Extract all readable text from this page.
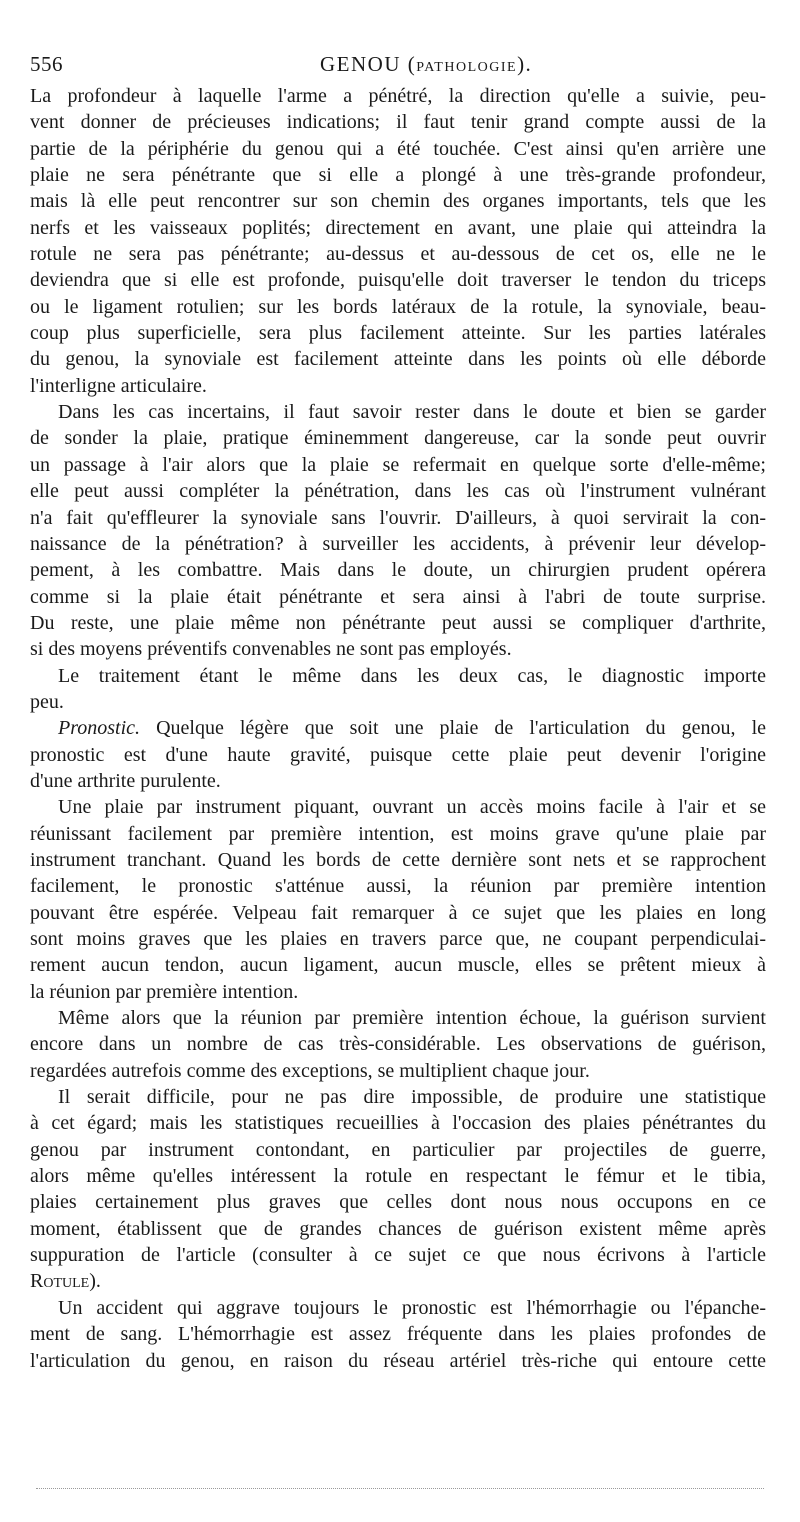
556	GENOU (PATHOLOGIE).
La profondeur à laquelle l'arme a pénétré, la direction qu'elle a suivie, peu-
vent donner de précieuses indications; il faut tenir grand compte aussi de la
partie de la périphérie du genou qui a été touchée. C'est ainsi qu'en arrière une
plaie ne sera pénétrante que si elle a plongé à une très-grande profondeur,
mais là elle peut rencontrer sur son chemin des organes importants, tels que les
nerfs et les vaisseaux poplités; directement en avant, une plaie qui atteindra la
rotule ne sera pas pénétrante; au-dessus et au-dessous de cet os, elle ne le
deviendra que si elle est profonde, puisqu'elle doit traverser le tendon du triceps
ou le ligament rotulien; sur les bords latéraux de la rotule, la synoviale, beau-
coup plus superficielle, sera plus facilement atteinte. Sur les parties latérales
du genou, la synoviale est facilement atteinte dans les points où elle déborde
l'interligne articulaire.
Dans les cas incertains, il faut savoir rester dans le doute et bien se garder
de sonder la plaie, pratique éminemment dangereuse, car la sonde peut ouvrir
un passage à l'air alors que la plaie se refermait en quelque sorte d'elle-même;
elle peut aussi compléter la pénétration, dans les cas où l'instrument vulnérant
n'a fait qu'effleurer la synoviale sans l'ouvrir. D'ailleurs, à quoi servirait la con-
naissance de la pénétration? à surveiller les accidents, à prévenir leur dévelop-
pement, à les combattre. Mais dans le doute, un chirurgien prudent opérera
comme si la plaie était pénétrante et sera ainsi à l'abri de toute surprise.
Du reste, une plaie même non pénétrante peut aussi se compliquer d'arthrite,
si des moyens préventifs convenables ne sont pas employés.
Le traitement étant le même dans les deux cas, le diagnostic importe
peu.
Pronostic. Quelque légère que soit une plaie de l'articulation du genou, le
pronostic est d'une haute gravité, puisque cette plaie peut devenir l'origine
d'une arthrite purulente.
Une plaie par instrument piquant, ouvrant un accès moins facile à l'air et se
réunissant facilement par première intention, est moins grave qu'une plaie par
instrument tranchant. Quand les bords de cette dernière sont nets et se rapprochent
facilement, le pronostic s'atténue aussi, la réunion par première intention
pouvant être espérée. Velpeau fait remarquer à ce sujet que les plaies en long
sont moins graves que les plaies en travers parce que, ne coupant perpendiculai-
rement aucun tendon, aucun ligament, aucun muscle, elles se prêtent mieux à
la réunion par première intention.
Même alors que la réunion par première intention échoue, la guérison survient
encore dans un nombre de cas très-considérable. Les observations de guérison,
regardées autrefois comme des exceptions, se multiplient chaque jour.
Il serait difficile, pour ne pas dire impossible, de produire une statistique
à cet égard; mais les statistiques recueillies à l'occasion des plaies pénétrantes du
genou par instrument contondant, en particulier par projectiles de guerre,
alors même qu'elles intéressent la rotule en respectant le fémur et le tibia,
plaies certainement plus graves que celles dont nous nous occupons en ce
moment, établissent que de grandes chances de guérison existent même après
suppuration de l'article (consulter à ce sujet ce que nous écrivons à l'article
Rotule).
Un accident qui aggrave toujours le pronostic est l'hémorrhagie ou l'épanche-
ment de sang. L'hémorrhagie est assez fréquente dans les plaies profondes de
l'articulation du genou, en raison du réseau artériel très-riche qui entoure cette
